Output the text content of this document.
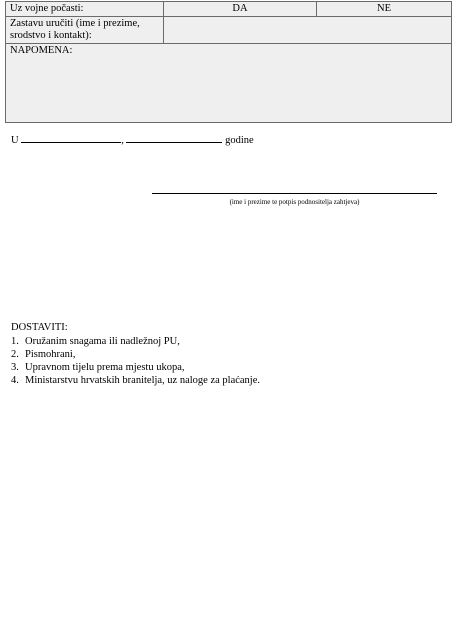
Uz vojne počasti:	DA	NE
Zastavu uručiti (ime i prezime,
srodstvo i kontakt):		
NAPOMENA:		
U	,	godine
(ime i prezime te potpis podnositelja zahtjeva)
DOSTAVITI:
1. Oružanim snagama ili nadležnoj PU,
2. Pismohrani,
3. Upravnom tijelu prema mjestu ukopa,
4. Ministarstvu hrvatskih branitelja, uz naloge za plaćanje.
